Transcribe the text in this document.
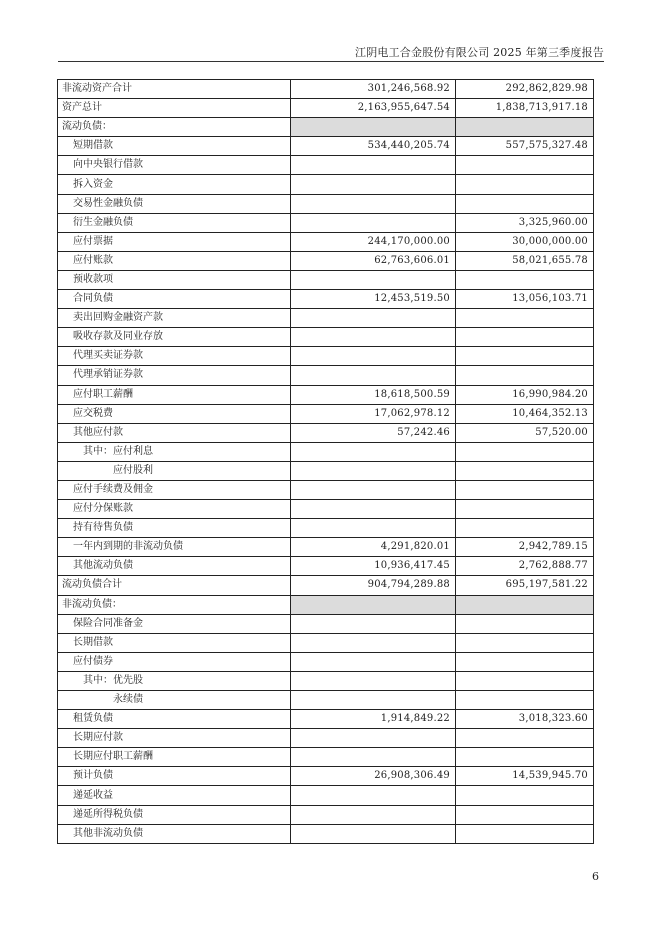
江阴电工合金股份有限公司 2025 年第三季度报告
非流动资产合计	301,246,568.92	292,862,829.98
资产总计	2,163,955,647.54	1,838,713,917.18
流动负债：		
短期借款	534,440,205.74	557,575,327.48
向中央银行借款		
拆入资金		
交易性金融负债		
衍生金融负债		3,325,960.00
应付票据	244,170,000.00	30,000,000.00
应付账款	62,763,606.01	58,021,655.78
预收款项		
合同负债	12,453,519.50	13,056,103.71
卖出回购金融资产款		
吸收存款及同业存放		
代理买卖证券款		
代理承销证券款		
应付职工薪酬	18,618,500.59	16,990,984.20
应交税费	17,062,978.12	10,464,352.13
其他应付款	57,242.46	57,520.00
其中：应付利息		
应付股利		
应付手续费及佣金		
应付分保账款		
持有待售负债		
一年内到期的非流动负债	4,291,820.01	2,942,789.15
其他流动负债	10,936,417.45	2,762,888.77
流动负债合计	904,794,289.88	695,197,581.22
非流动负债：		
保险合同准备金		
长期借款		
应付债券		
其中：优先股		
永续债		
租赁负债	1,914,849.22	3,018,323.60
长期应付款		
长期应付职工薪酬		
预计负债	26,908,306.49	14,539,945.70
递延收益		
递延所得税负债		
其他非流动负债		
6
